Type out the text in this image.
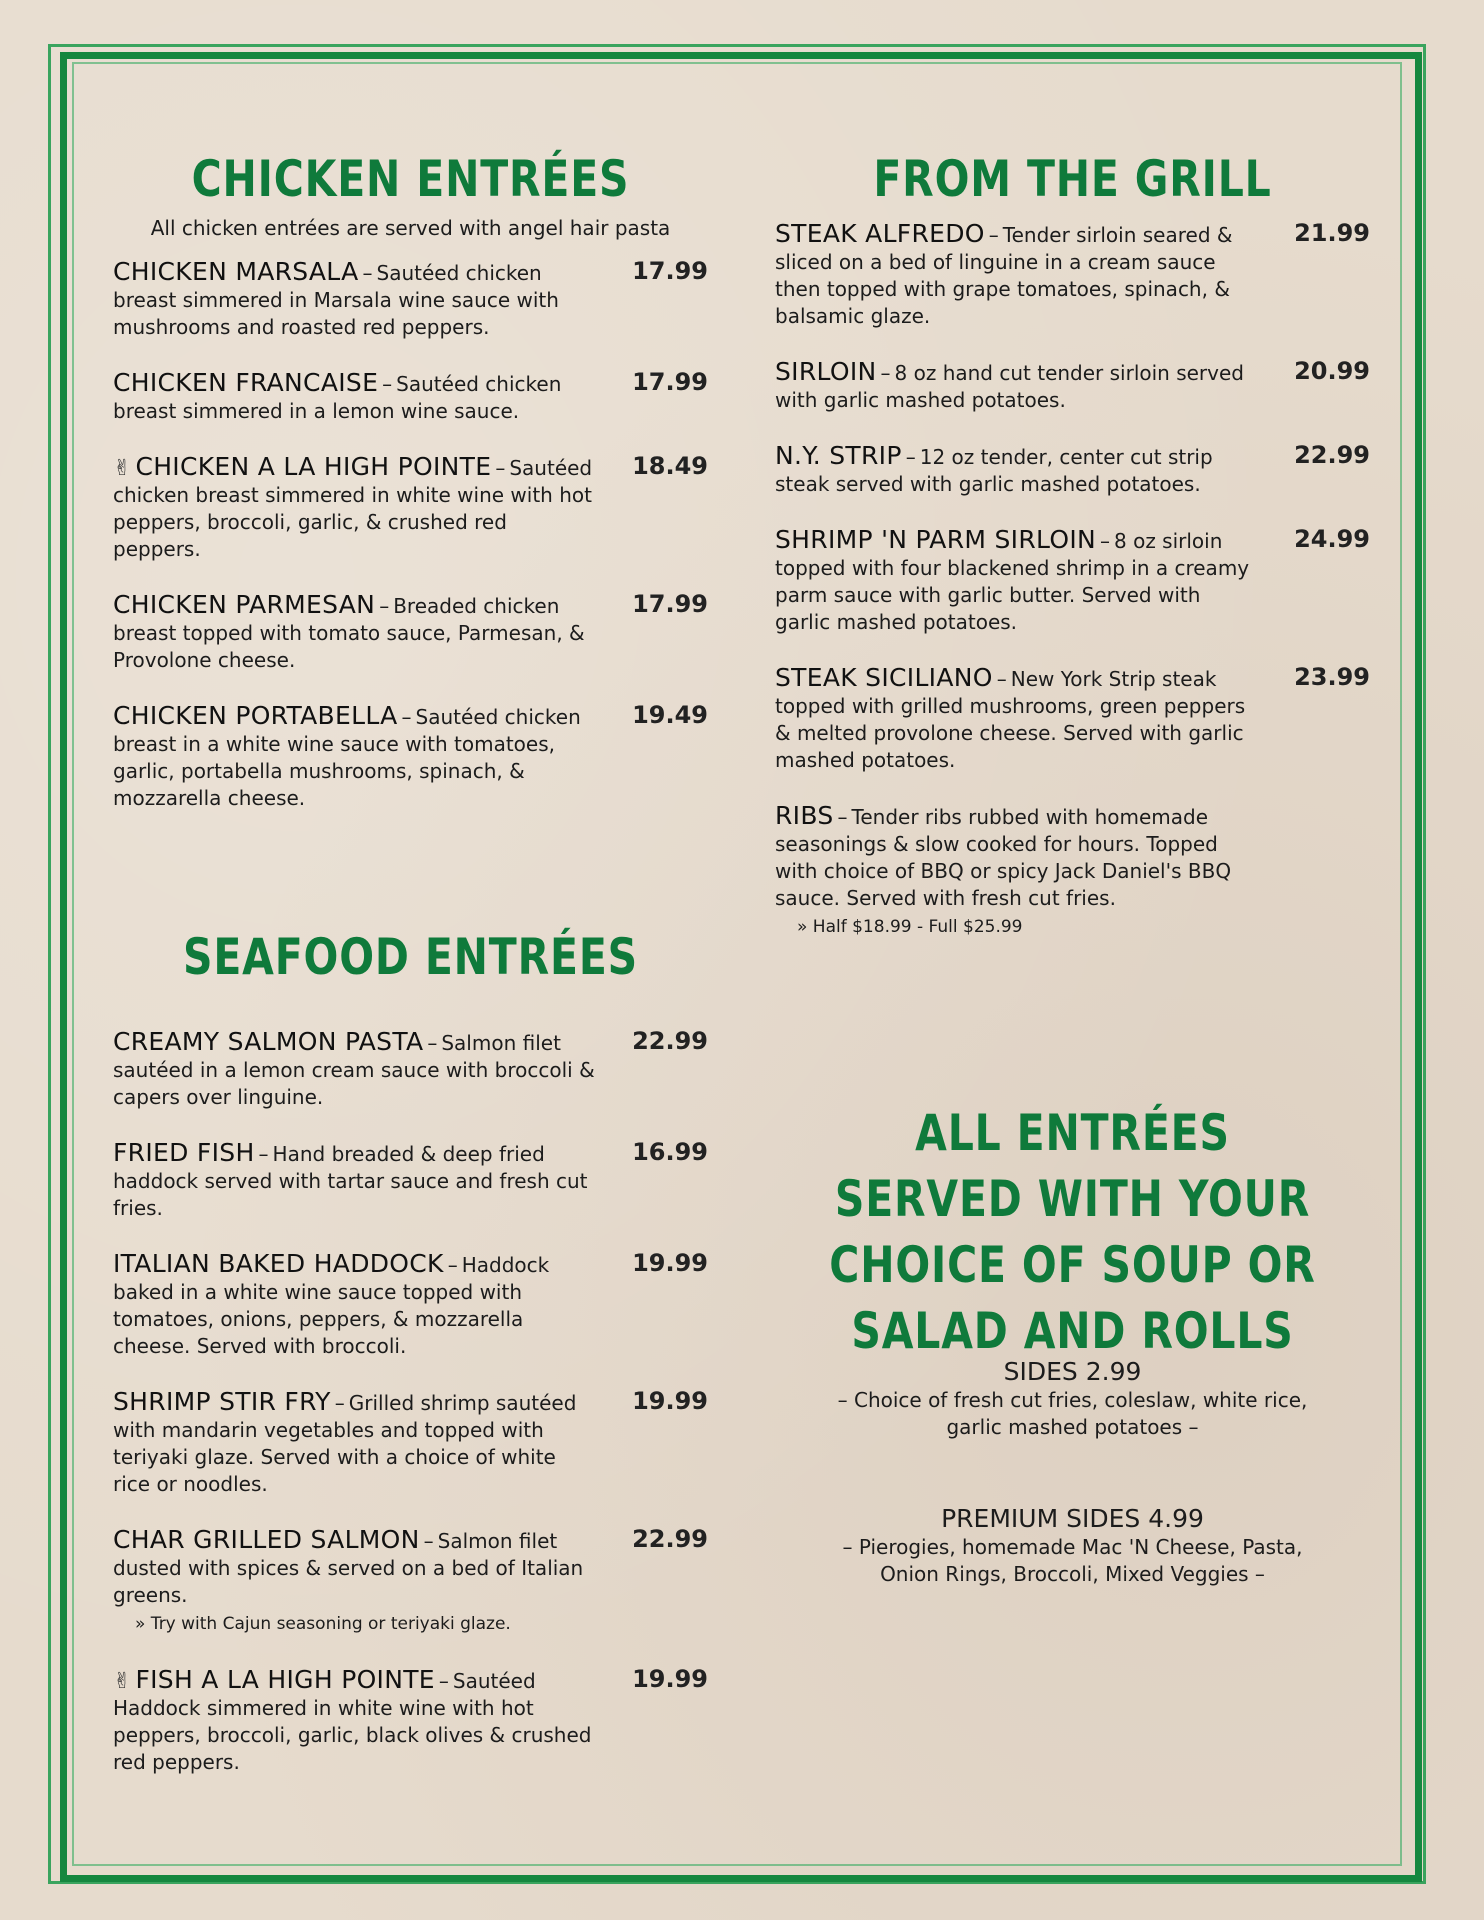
CHICKEN ENTRÉES
All chicken entrées are served with angel hair pasta
CHICKEN MARSALA – Sautéed chicken breast simmered in Marsala wine sauce with mushrooms and roasted red peppers.
17.99
CHICKEN FRANCAISE – Sautéed chicken breast simmered in a lemon wine sauce.
17.99
✌ CHICKEN A LA HIGH POINTE – Sautéed chicken breast simmered in white wine with hot peppers, broccoli, garlic, & crushed red peppers.
18.49
CHICKEN PARMESAN – Breaded chicken breast topped with tomato sauce, Parmesan, & Provolone cheese.
17.99
CHICKEN PORTABELLA – Sautéed chicken breast in a white wine sauce with tomatoes, garlic, portabella mushrooms, spinach, & mozzarella cheese.
19.49
SEAFOOD ENTRÉES
CREAMY SALMON PASTA – Salmon filet sautéed in a lemon cream sauce with broccoli & capers over linguine.
22.99
FRIED FISH – Hand breaded & deep fried haddock served with tartar sauce and fresh cut fries.
16.99
ITALIAN BAKED HADDOCK – Haddock baked in a white wine sauce topped with tomatoes, onions, peppers, & mozzarella cheese. Served with broccoli.
19.99
SHRIMP STIR FRY – Grilled shrimp sautéed with mandarin vegetables and topped with teriyaki glaze. Served with a choice of white rice or noodles.
19.99
CHAR GRILLED SALMON – Salmon filet dusted with spices & served on a bed of Italian greens.
22.99
» Try with Cajun seasoning or teriyaki glaze.
✌ FISH A LA HIGH POINTE – Sautéed Haddock simmered in white wine with hot peppers, broccoli, garlic, black olives & crushed red peppers.
19.99
FROM THE GRILL
STEAK ALFREDO – Tender sirloin seared & sliced on a bed of linguine in a cream sauce then topped with grape tomatoes, spinach, & balsamic glaze.
21.99
SIRLOIN – 8 oz hand cut tender sirloin served with garlic mashed potatoes.
20.99
N.Y. STRIP – 12 oz tender, center cut strip steak served with garlic mashed potatoes.
22.99
SHRIMP 'N PARM SIRLOIN – 8 oz sirloin topped with four blackened shrimp in a creamy parm sauce with garlic butter. Served with garlic mashed potatoes.
24.99
STEAK SICILIANO – New York Strip steak topped with grilled mushrooms, green peppers & melted provolone cheese. Served with garlic mashed potatoes.
23.99
RIBS – Tender ribs rubbed with homemade seasonings & slow cooked for hours. Topped with choice of BBQ or spicy Jack Daniel's BBQ sauce. Served with fresh cut fries.
» Half $18.99 - Full $25.99
ALL ENTRÉES SERVED WITH YOUR CHOICE OF SOUP OR SALAD AND ROLLS
SIDES 2.99
– Choice of fresh cut fries, coleslaw, white rice, garlic mashed potatoes –
PREMIUM SIDES 4.99
– Pierogies, homemade Mac 'N Cheese, Pasta, Onion Rings, Broccoli, Mixed Veggies –
